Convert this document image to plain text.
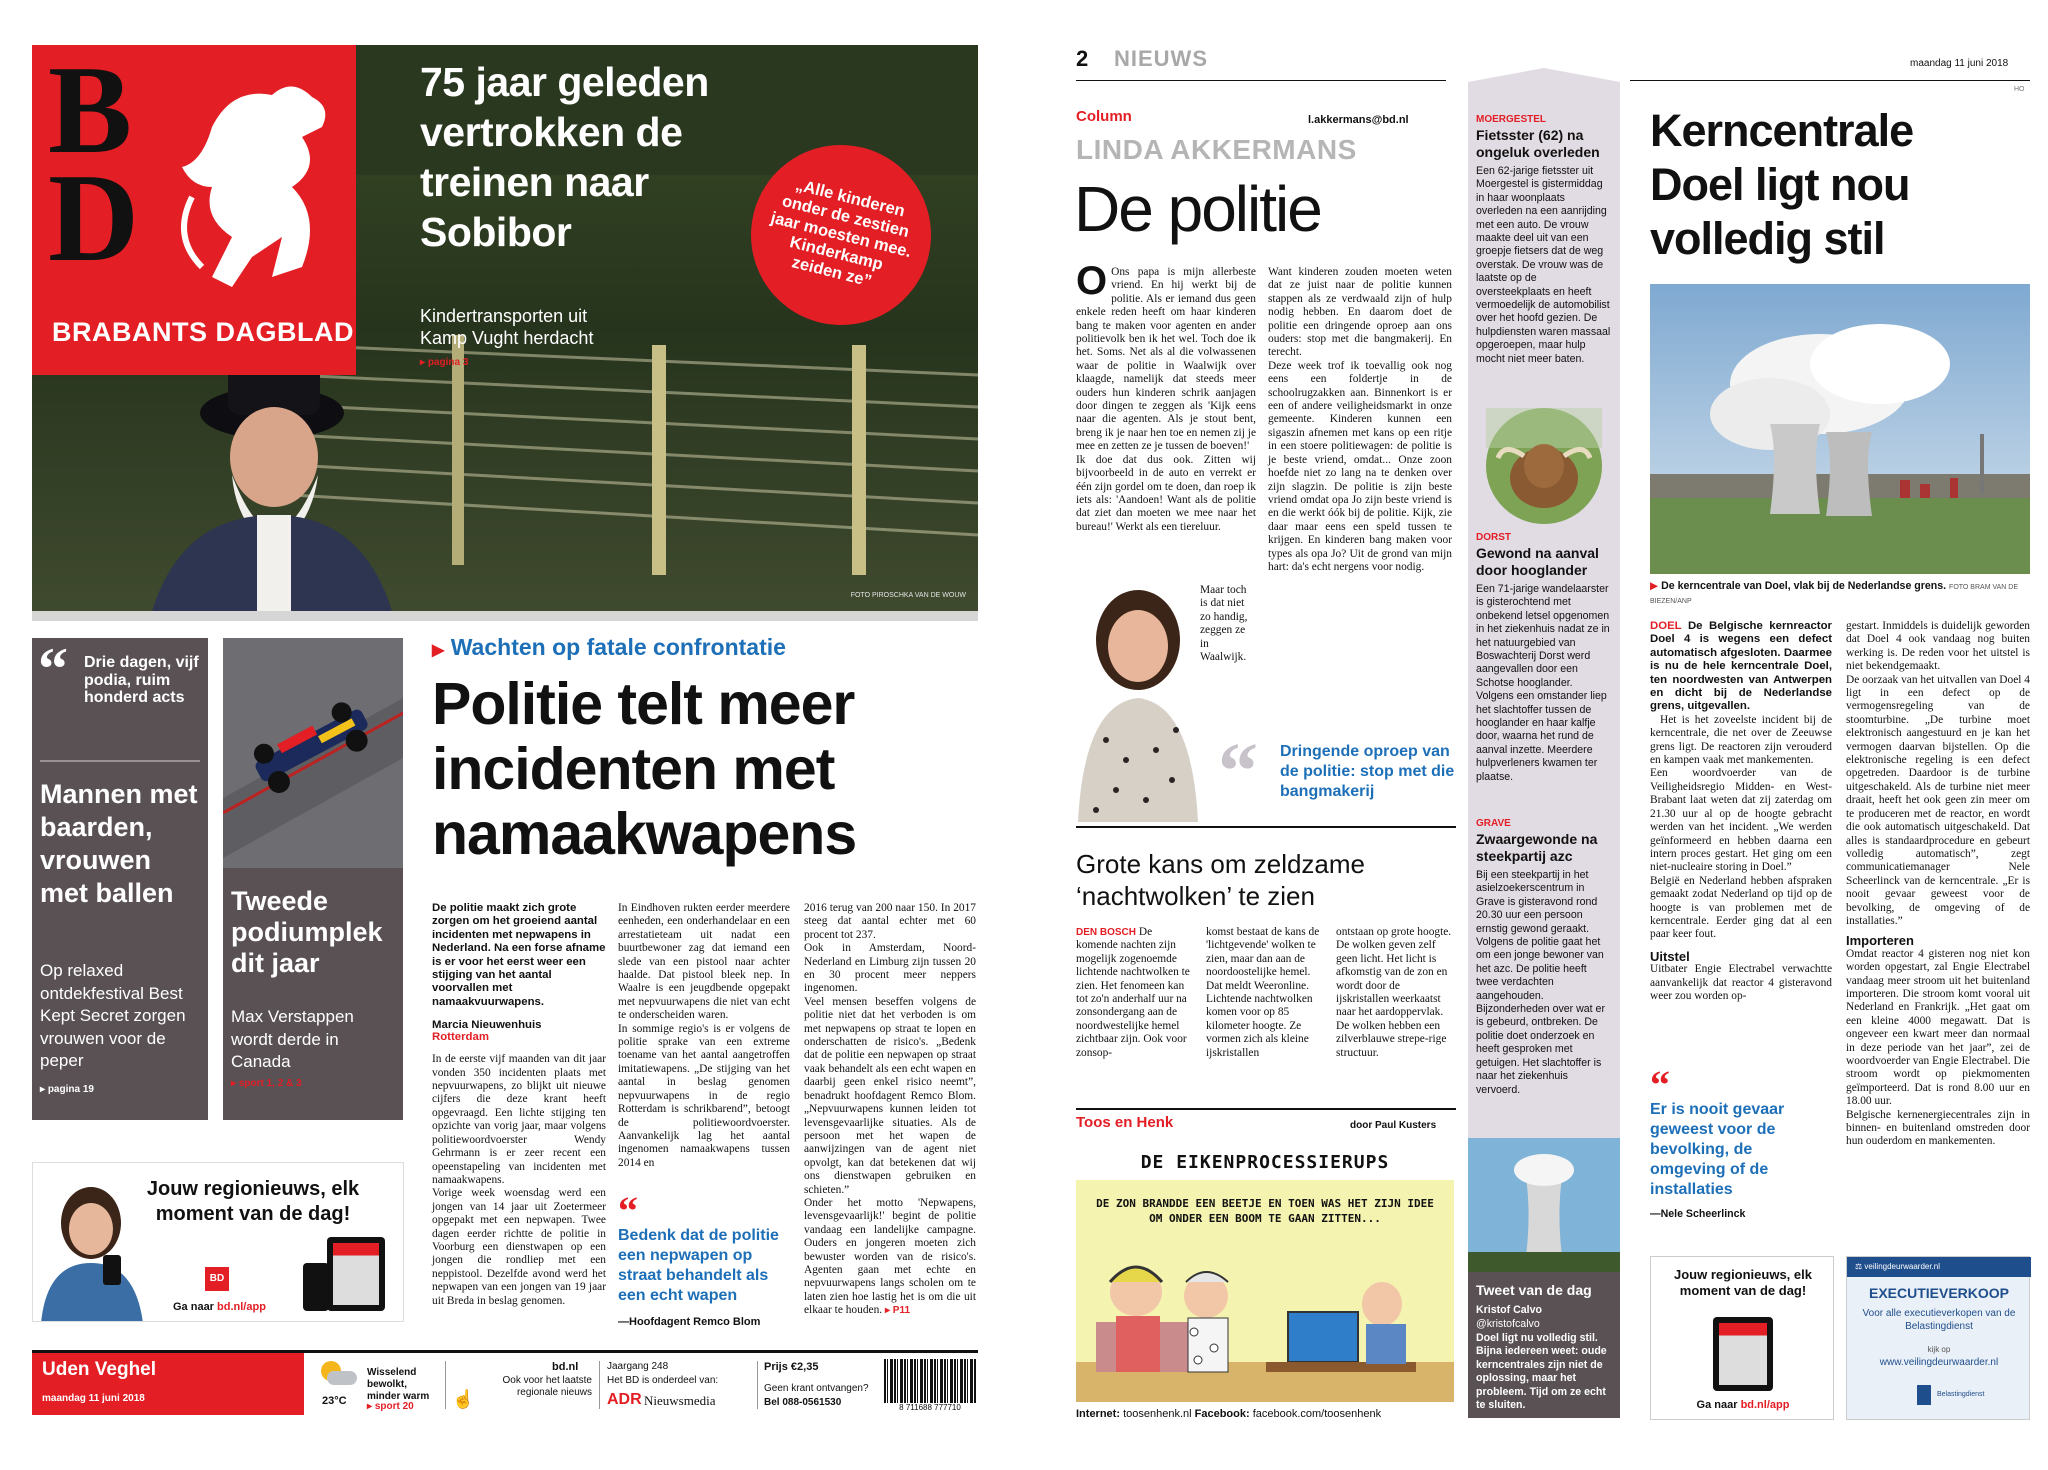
BD
BRABANTS DAGBLAD
75 jaar geleden vertrokken de treinen naar Sobibor
Kindertransporten uit Kamp Vught herdacht
▸ pagina 3
„Alle kinderen onder de zestien jaar moesten mee. Kinderkamp zeiden ze”
FOTO PIROSCHKA VAN DE WOUW
“ Drie dagen, vijf podia, ruim honderd acts
Mannen met baarden, vrouwen met ballen
Op relaxed ontdekfestival Best Kept Secret zorgen vrouwen voor de peper
▸ pagina 19
Tweede podiumplek dit jaar
Max Verstappen wordt derde in Canada
▸ sport 1, 2 & 3
▶ Wachten op fatale confrontatie
Politie telt meer incidenten met namaakwapens
De politie maakt zich grote zorgen om het groeiend aantal incidenten met nepwapens in Nederland. Na een forse afname is er voor het eerst weer een stijging van het aantal voorvallen met namaakvuurwapens.
Marcia Nieuwenhuis
Rotterdam
In de eerste vijf maanden van dit jaar vonden 350 incidenten plaats met nepvuurwapens, zo blijkt uit nieuwe cijfers die deze krant heeft opgevraagd. Een lichte stijging ten opzichte van vorig jaar, maar volgens politiewoordvoerster Wendy Gehrmann is er zeer recent een opeenstapeling van incidenten met namaakwapens.
Vorige week woensdag werd een jongen van 14 jaar uit Zoetermeer opgepakt met een nepwapen. Twee dagen eerder richtte de politie in Voorburg een dienstwapen op een jongen die rondliep met een neppistool. Dezelfde avond werd het nepwapen van een jongen van 19 jaar uit Breda in beslag genomen.
In Eindhoven rukten eerder meerdere eenheden, een onderhandelaar en een arrestatieteam uit nadat een buurtbewoner zag dat iemand een slede van een pistool naar achter haalde. Dat pistool bleek nep. In Waalre is een jeugdbende opgepakt met nepvuurwapens die niet van echt te onderscheiden waren.
In sommige regio's is er volgens de politie sprake van een extreme toename van het aantal aangetroffen imitatiewapens. „De stijging van het aantal in beslag genomen nepvuurwapens in de regio Rotterdam is schrikbarend”, betoogt de politiewoordvoerster. Aanvankelijk lag het aantal ingenomen namaakwapens tussen 2014 en
“
Bedenk dat de politie een nepwapen op straat behandelt als een echt wapen
—Hoofdagent Remco Blom
2016 terug van 200 naar 150. In 2017 steeg dat aantal echter met 60 procent tot 237.
Ook in Amsterdam, Noord-Nederland en Limburg zijn tussen 20 en 30 procent meer neppers ingenomen.
Veel mensen beseffen volgens de politie niet dat het verboden is om met nepwapens op straat te lopen en onderschatten de risico's. „Bedenk dat de politie een nepwapen op straat vaak behandelt als een echt wapen en daarbij geen enkel risico neemt”, benadrukt hoofdagent Remco Blom. „Nepvuurwapens kunnen leiden tot levensgevaarlijke situaties. Als de persoon met het wapen de aanwijzingen van de agent niet opvolgt, kan dat betekenen dat wij ons dienstwapen gebruiken en schieten.”
Onder het motto 'Nepwapens, levensgevaarlijk!' begint de politie vandaag een landelijke campagne. Ouders en jongeren moeten zich bewuster worden van de risico's. Agenten gaan met echte en nepvuurwapens langs scholen om te laten zien hoe lastig het is om die uit elkaar te houden. ▸ P11
Jouw regionieuws, elk moment van de dag!
BD
Ga naar bd.nl/app
Uden Veghel
maandag 11 juni 2018	23°C
Wisselend bewolkt, minder warm
▸ sport 20
bd.nl
Ook voor het laatste regionale nieuws
☝
Jaargang 248
Het BD is onderdeel van:
ADR Nieuwsmedia
Prijs €2,35
Geen krant ontvangen?
Bel 088-0561530	8 711688 777710
2 NIEUWS	maandag 11 juni 2018
HO
Column	l.akkermans@bd.nl
LINDA AKKERMANS
De politie
O Ons papa is mijn allerbeste vriend. En hij werkt bij de politie. Als er iemand dus geen enkele reden heeft om haar kinderen bang te maken voor agenten en ander politievolk ben ik het wel. Toch doe ik het. Soms. Net als al die volwassenen waar de politie in Waalwijk over klaagde, namelijk dat steeds meer ouders hun kinderen schrik aanjagen door dingen te zeggen als 'Kijk eens naar die agenten. Als je stout bent, breng ik je naar hen toe en nemen zij je mee en zetten ze je tussen de boeven!'
Ik doe dat dus ook. Zitten wij bijvoorbeeld in de auto en verrekt er één zijn gordel om te doen, dan roep ik iets als: 'Aandoen! Want als de politie dat ziet dan moeten we mee naar het bureau!' Werkt als een tiereluur.
Maar toch is dat niet zo handig, zeggen ze in Waalwijk.
Want kinderen zouden moeten weten dat ze juist naar de politie kunnen stappen als ze verdwaald zijn of hulp nodig hebben. En daarom doet de politie een dringende oproep aan ons ouders: stop met die bangmakerij. En terecht.
Deze week trof ik toevallig ook nog eens een foldertje in de schoolrugzakken aan. Binnenkort is er een of andere veiligheidsmarkt in onze gemeente. Kinderen kunnen een sigaszin afnemen met kans op een ritje in een stoere politiewagen: de politie is je beste vriend, omdat... Onze zoon hoefde niet zo lang na te denken over zijn slagzin. De politie is zijn beste vriend omdat opa Jo zijn beste vriend is en die werkt óók bij de politie. Kijk, zie daar maar eens een speld tussen te krijgen. En kinderen bang maken voor types als opa Jo? Uit de grond van mijn hart: da's echt nergens voor nodig.
“ Dringende oproep van de politie: stop met die bangmakerij
Grote kans om zeldzame ‘nachtwolken’ te zien
DEN BOSCH De komende nachten zijn mogelijk zogenoemde lichtende nachtwolken te zien. Het fenomeen kan tot zo'n anderhalf uur na zonsondergang aan de noordwestelijke hemel zichtbaar zijn. Ook voor zonsop-
komst bestaat de kans de 'lichtgevende' wolken te zien, maar dan aan de noordoostelijke hemel. Dat meldt Weeronline. Lichtende nachtwolken komen voor op 85 kilometer hoogte. Ze vormen zich als kleine ijskristallen
ontstaan op grote hoogte. De wolken geven zelf geen licht. Het licht is afkomstig van de zon en wordt door de ijskristallen weerkaatst naar het aardoppervlak. De wolken hebben een zilverblauwe strepe-rige structuur.
Toos en Henk	door Paul Kusters
DE EIKENPROCESSIERUPS
DE ZON BRANDDE EEN BEETJE EN TOEN WAS HET ZIJN IDEE OM ONDER EEN BOOM TE GAAN ZITTEN...
Internet: toosenhenk.nl Facebook: facebook.com/toosenhenk
MOERGESTEL
Fietsster (62) na ongeluk overleden
Een 62-jarige fietsster uit Moergestel is gistermiddag in haar woonplaats overleden na een aanrijding met een auto. De vrouw maakte deel uit van een groepje fietsers dat de weg overstak. De vrouw was de laatste op de oversteekplaats en heeft vermoedelijk de automobilist over het hoofd gezien. De hulpdiensten waren massaal opgeroepen, maar hulp mocht niet meer baten.
DORST
Gewond na aanval door hooglander
Een 71-jarige wandelaarster is gisterochtend met onbekend letsel opgenomen in het ziekenhuis nadat ze in het natuurgebied van Boswachterij Dorst werd aangevallen door een Schotse hooglander. Volgens een omstander liep het slachtoffer tussen de hooglander en haar kalfje door, waarna het rund de aanval inzette. Meerdere hulpverleners kwamen ter plaatse.
GRAVE
Zwaargewonde na steekpartij azc
Bij een steekpartij in het asielzoekerscentrum in Grave is gisteravond rond 20.30 uur een persoon ernstig gewond geraakt. Volgens de politie gaat het om een jonge bewoner van het azc. De politie heeft twee verdachten aangehouden. Bijzonderheden over wat er is gebeurd, ontbreken. De politie doet onderzoek en heeft gesproken met getuigen. Het slachtoffer is naar het ziekenhuis vervoerd.
Tweet van de dag
Kristof Calvo
@kristofcalvo
Doel ligt nu volledig stil. Bijna iedereen weet: oude kerncentrales zijn niet de oplossing, maar het probleem. Tijd om ze echt te sluiten.
Kerncentrale Doel ligt nou volledig stil
▶ De kerncentrale van Doel, vlak bij de Nederlandse grens. FOTO BRAM VAN DE BIEZEN/ANP
DOEL De Belgische kernreactor Doel 4 is wegens een defect automatisch afgesloten. Daarmee is nu de hele kerncentrale Doel, ten noordwesten van Antwerpen en dicht bij de Nederlandse grens, uitgevallen.
Het is het zoveelste incident bij de kerncentrale, die net over de Zeeuwse grens ligt. De reactoren zijn verouderd en kampen vaak met mankementen.
Een woordvoerder van de Veiligheidsregio Midden- en West-Brabant laat weten dat zij zaterdag om 21.30 uur al op de hoogte gebracht werden van het incident. „We werden geïnformeerd en hebben daarna een intern proces gestart. Het ging om een niet-nucleaire storing in Doel.”
België en Nederland hebben afspraken gemaakt zodat Nederland op tijd op de hoogte is van problemen met de kerncentrale. Eerder ging dat al een paar keer fout.
Uitstel
Uitbater Engie Electrabel verwachtte aanvankelijk dat reactor 4 gisteravond weer zou worden op-
“
Er is nooit gevaar geweest voor de bevolking, de omgeving of de installaties
—Nele Scheerlinck
gestart. Inmiddels is duidelijk geworden dat Doel 4 ook vandaag nog buiten werking is. De reden voor het uitstel is niet bekendgemaakt.
De oorzaak van het uitvallen van Doel 4 ligt in een defect op de vermogensregeling van de stoomturbine. „De turbine moet elektronisch aangestuurd en je kan het vermogen daarvan bijstellen. Op die elektronische regeling is een defect opgetreden. Daardoor is de turbine uitgeschakeld. Als de turbine niet meer draait, heeft het ook geen zin meer om te produceren met de reactor, en wordt die ook automatisch uitgeschakeld. Dat alles is standaardprocedure en gebeurt volledig automatisch”, zegt communicatiemanager Nele Scheerlinck van de kerncentrale. „Er is nooit gevaar geweest voor de bevolking, de omgeving of de installaties.”
Importeren
Omdat reactor 4 gisteren nog niet kon worden opgestart, zal Engie Electrabel vandaag meer stroom uit het buitenland importeren. Die stroom komt vooral uit Nederland en Frankrijk. „Het gaat om een kleine 4000 megawatt. Dat is ongeveer een kwart meer dan normaal in deze periode van het jaar”, zei de woordvoerder van Engie Electrabel. Die stroom wordt op piekmomenten geïmporteerd. Dat is rond 8.00 uur en 18.00 uur.
Belgische kernenergiecentrales zijn in binnen- en buitenland omstreden door hun ouderdom en mankementen.
Jouw regionieuws, elk moment van de dag!
Ga naar bd.nl/app
⚖ veilingdeurwaarder.nl
EXECUTIEVERKOOP
Voor alle executieverkopen van de Belastingdienst
kijk op
www.veilingdeurwaarder.nl
Belastingdienst
